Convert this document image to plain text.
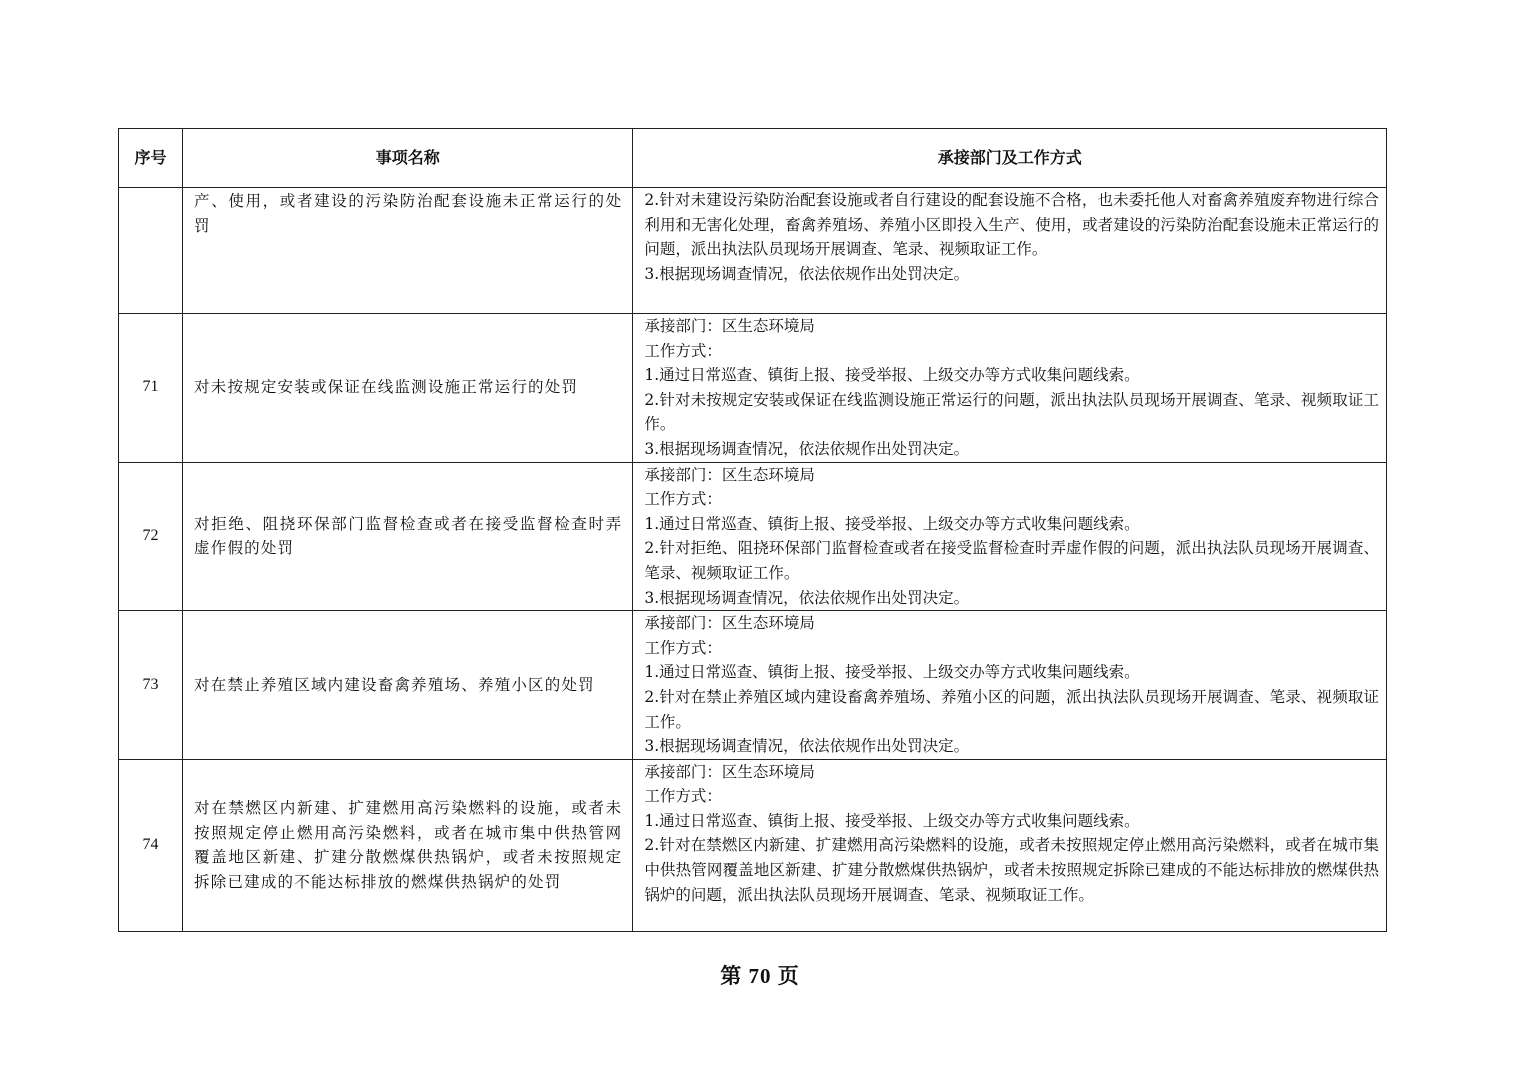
序号	事项名称	承接部门及工作方式
	产、使用，或者建设的污染防治配套设施未正常运行的处罚	2.针对未建设污染防治配套设施或者自行建设的配套设施不合格，也未委托他人对畜禽养殖废弃物进行综合利用和无害化处理，畜禽养殖场、养殖小区即投入生产、使用，或者建设的污染防治配套设施未正常运行的问题，派出执法队员现场开展调查、笔录、视频取证工作。
3.根据现场调查情况，依法依规作出处罚决定。

71	对未按规定安装或保证在线监测设施正常运行的处罚	承接部门：区生态环境局
工作方式：
1.通过日常巡查、镇街上报、接受举报、上级交办等方式收集问题线索。
2.针对未按规定安装或保证在线监测设施正常运行的问题，派出执法队员现场开展调查、笔录、视频取证工作。
3.根据现场调查情况，依法依规作出处罚决定。

72	对拒绝、阻挠环保部门监督检查或者在接受监督检查时弄虚作假的处罚	承接部门：区生态环境局
工作方式：
1.通过日常巡查、镇街上报、接受举报、上级交办等方式收集问题线索。
2.针对拒绝、阻挠环保部门监督检查或者在接受监督检查时弄虚作假的问题，派出执法队员现场开展调查、笔录、视频取证工作。
3.根据现场调查情况，依法依规作出处罚决定。

73	对在禁止养殖区域内建设畜禽养殖场、养殖小区的处罚	承接部门：区生态环境局
工作方式：
1.通过日常巡查、镇街上报、接受举报、上级交办等方式收集问题线索。
2.针对在禁止养殖区域内建设畜禽养殖场、养殖小区的问题，派出执法队员现场开展调查、笔录、视频取证工作。
3.根据现场调查情况，依法依规作出处罚决定。

74	对在禁燃区内新建、扩建燃用高污染燃料的设施，或者未按照规定停止燃用高污染燃料，或者在城市集中供热管网覆盖地区新建、扩建分散燃煤供热锅炉，或者未按照规定拆除已建成的不能达标排放的燃煤供热锅炉的处罚	承接部门：区生态环境局
工作方式：
1.通过日常巡查、镇街上报、接受举报、上级交办等方式收集问题线索。
2.针对在禁燃区内新建、扩建燃用高污染燃料的设施，或者未按照规定停止燃用高污染燃料，或者在城市集中供热管网覆盖地区新建、扩建分散燃煤供热锅炉，或者未按照规定拆除已建成的不能达标排放的燃煤供热锅炉的问题，派出执法队员现场开展调查、笔录、视频取证工作。
第 70 页
